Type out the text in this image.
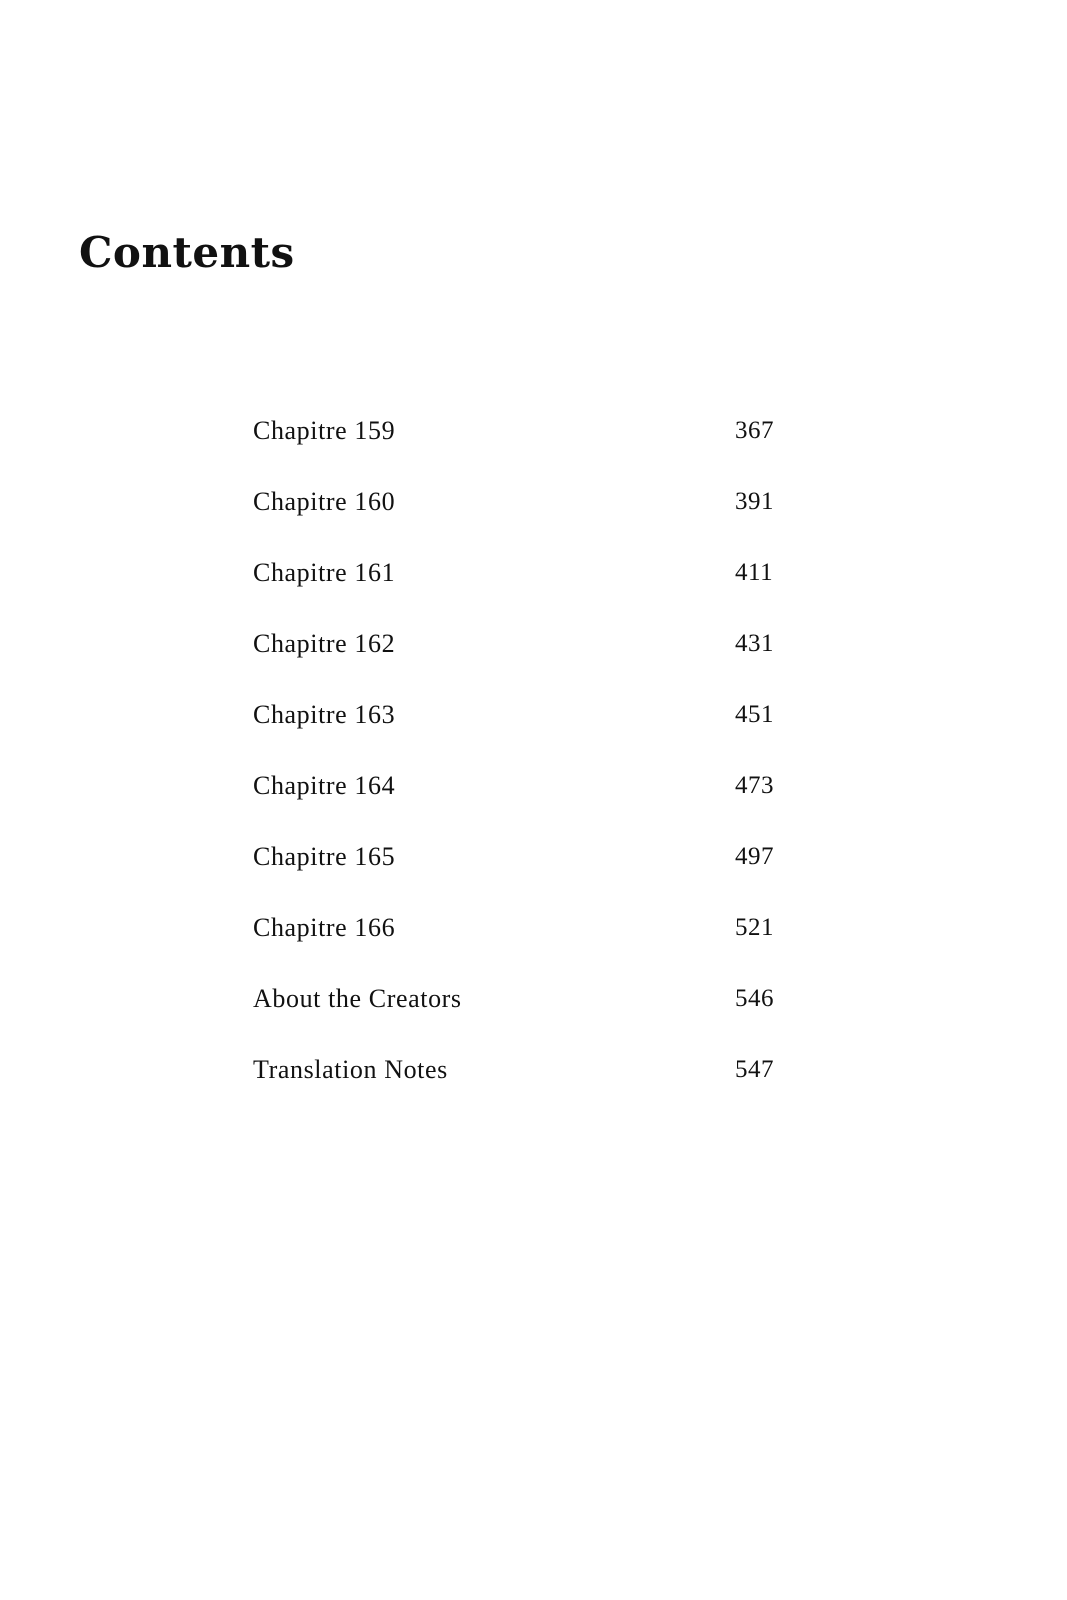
Contents
Chapitre 159	367
Chapitre 160	391
Chapitre 161	411
Chapitre 162	431
Chapitre 163	451
Chapitre 164	473
Chapitre 165	497
Chapitre 166	521
About the Creators	546
Translation Notes	547
